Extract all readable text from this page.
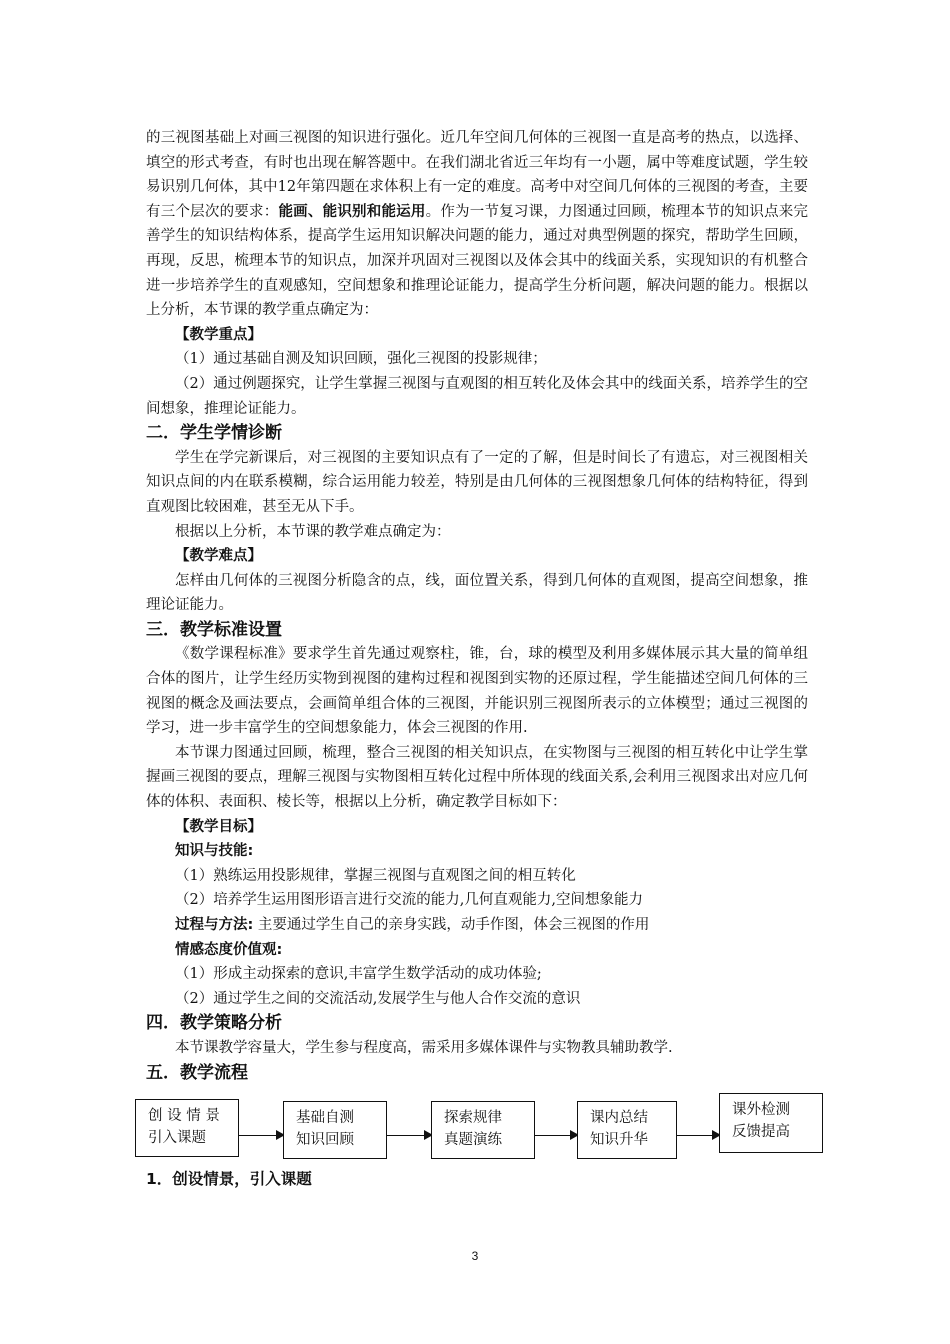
的三视图基础上对画三视图的知识进行强化。近几年空间几何体的三视图一直是高考的热点，以选择、填空的形式考查，有时也出现在解答题中。在我们湖北省近三年均有一小题，属中等难度试题，学生较易识别几何体，其中12年第四题在求体积上有一定的难度。高考中对空间几何体的三视图的考查，主要有三个层次的要求：能画、能识别和能运用。作为一节复习课，力图通过回顾，梳理本节的知识点来完善学生的知识结构体系，提高学生运用知识解决问题的能力，通过对典型例题的探究，帮助学生回顾，再现，反思，梳理本节的知识点，加深并巩固对三视图以及体会其中的线面关系，实现知识的有机整合进一步培养学生的直观感知，空间想象和推理论证能力，提高学生分析问题，解决问题的能力。根据以上分析，本节课的教学重点确定为：

【教学重点】

（1）通过基础自测及知识回顾，强化三视图的投影规律；

（2）通过例题探究，让学生掌握三视图与直观图的相互转化及体会其中的线面关系，培养学生的空间想象，推理论证能力。

二．学生学情诊断

学生在学完新课后，对三视图的主要知识点有了一定的了解，但是时间长了有遗忘，对三视图相关知识点间的内在联系模糊，综合运用能力较差，特别是由几何体的三视图想象几何体的结构特征，得到直观图比较困难，甚至无从下手。

根据以上分析，本节课的教学难点确定为：

【教学难点】

怎样由几何体的三视图分析隐含的点，线，面位置关系，得到几何体的直观图，提高空间想象，推理论证能力。

三．教学标准设置

《数学课程标准》要求学生首先通过观察柱，锥，台，球的模型及利用多媒体展示其大量的简单组合体的图片，让学生经历实物到视图的建构过程和视图到实物的还原过程，学生能描述空间几何体的三视图的概念及画法要点，会画简单组合体的三视图，并能识别三视图所表示的立体模型；通过三视图的学习，进一步丰富学生的空间想象能力，体会三视图的作用.

本节课力图通过回顾，梳理，整合三视图的相关知识点，在实物图与三视图的相互转化中让学生掌握画三视图的要点，理解三视图与实物图相互转化过程中所体现的线面关系,会利用三视图求出对应几何体的体积、表面积、棱长等，根据以上分析，确定教学目标如下：

【教学目标】

知识与技能:

（1）熟练运用投影规律，掌握三视图与直观图之间的相互转化

（2）培养学生运用图形语言进行交流的能力,几何直观能力,空间想象能力

过程与方法: 主要通过学生自己的亲身实践，动手作图，体会三视图的作用

情感态度价值观:

（1）形成主动探索的意识,丰富学生数学活动的成功体验;

（2）通过学生之间的交流活动,发展学生与他人合作交流的意识

四．教学策略分析

本节课教学容量大，学生参与程度高，需采用多媒体课件与实物教具辅助教学.

五．教学流程
创 设 情 景
引入课题
基础自测
知识回顾
探索规律
真题演练
课内总结
知识升华
课外检测
反馈提高

1．创设情景，引入课题

3
